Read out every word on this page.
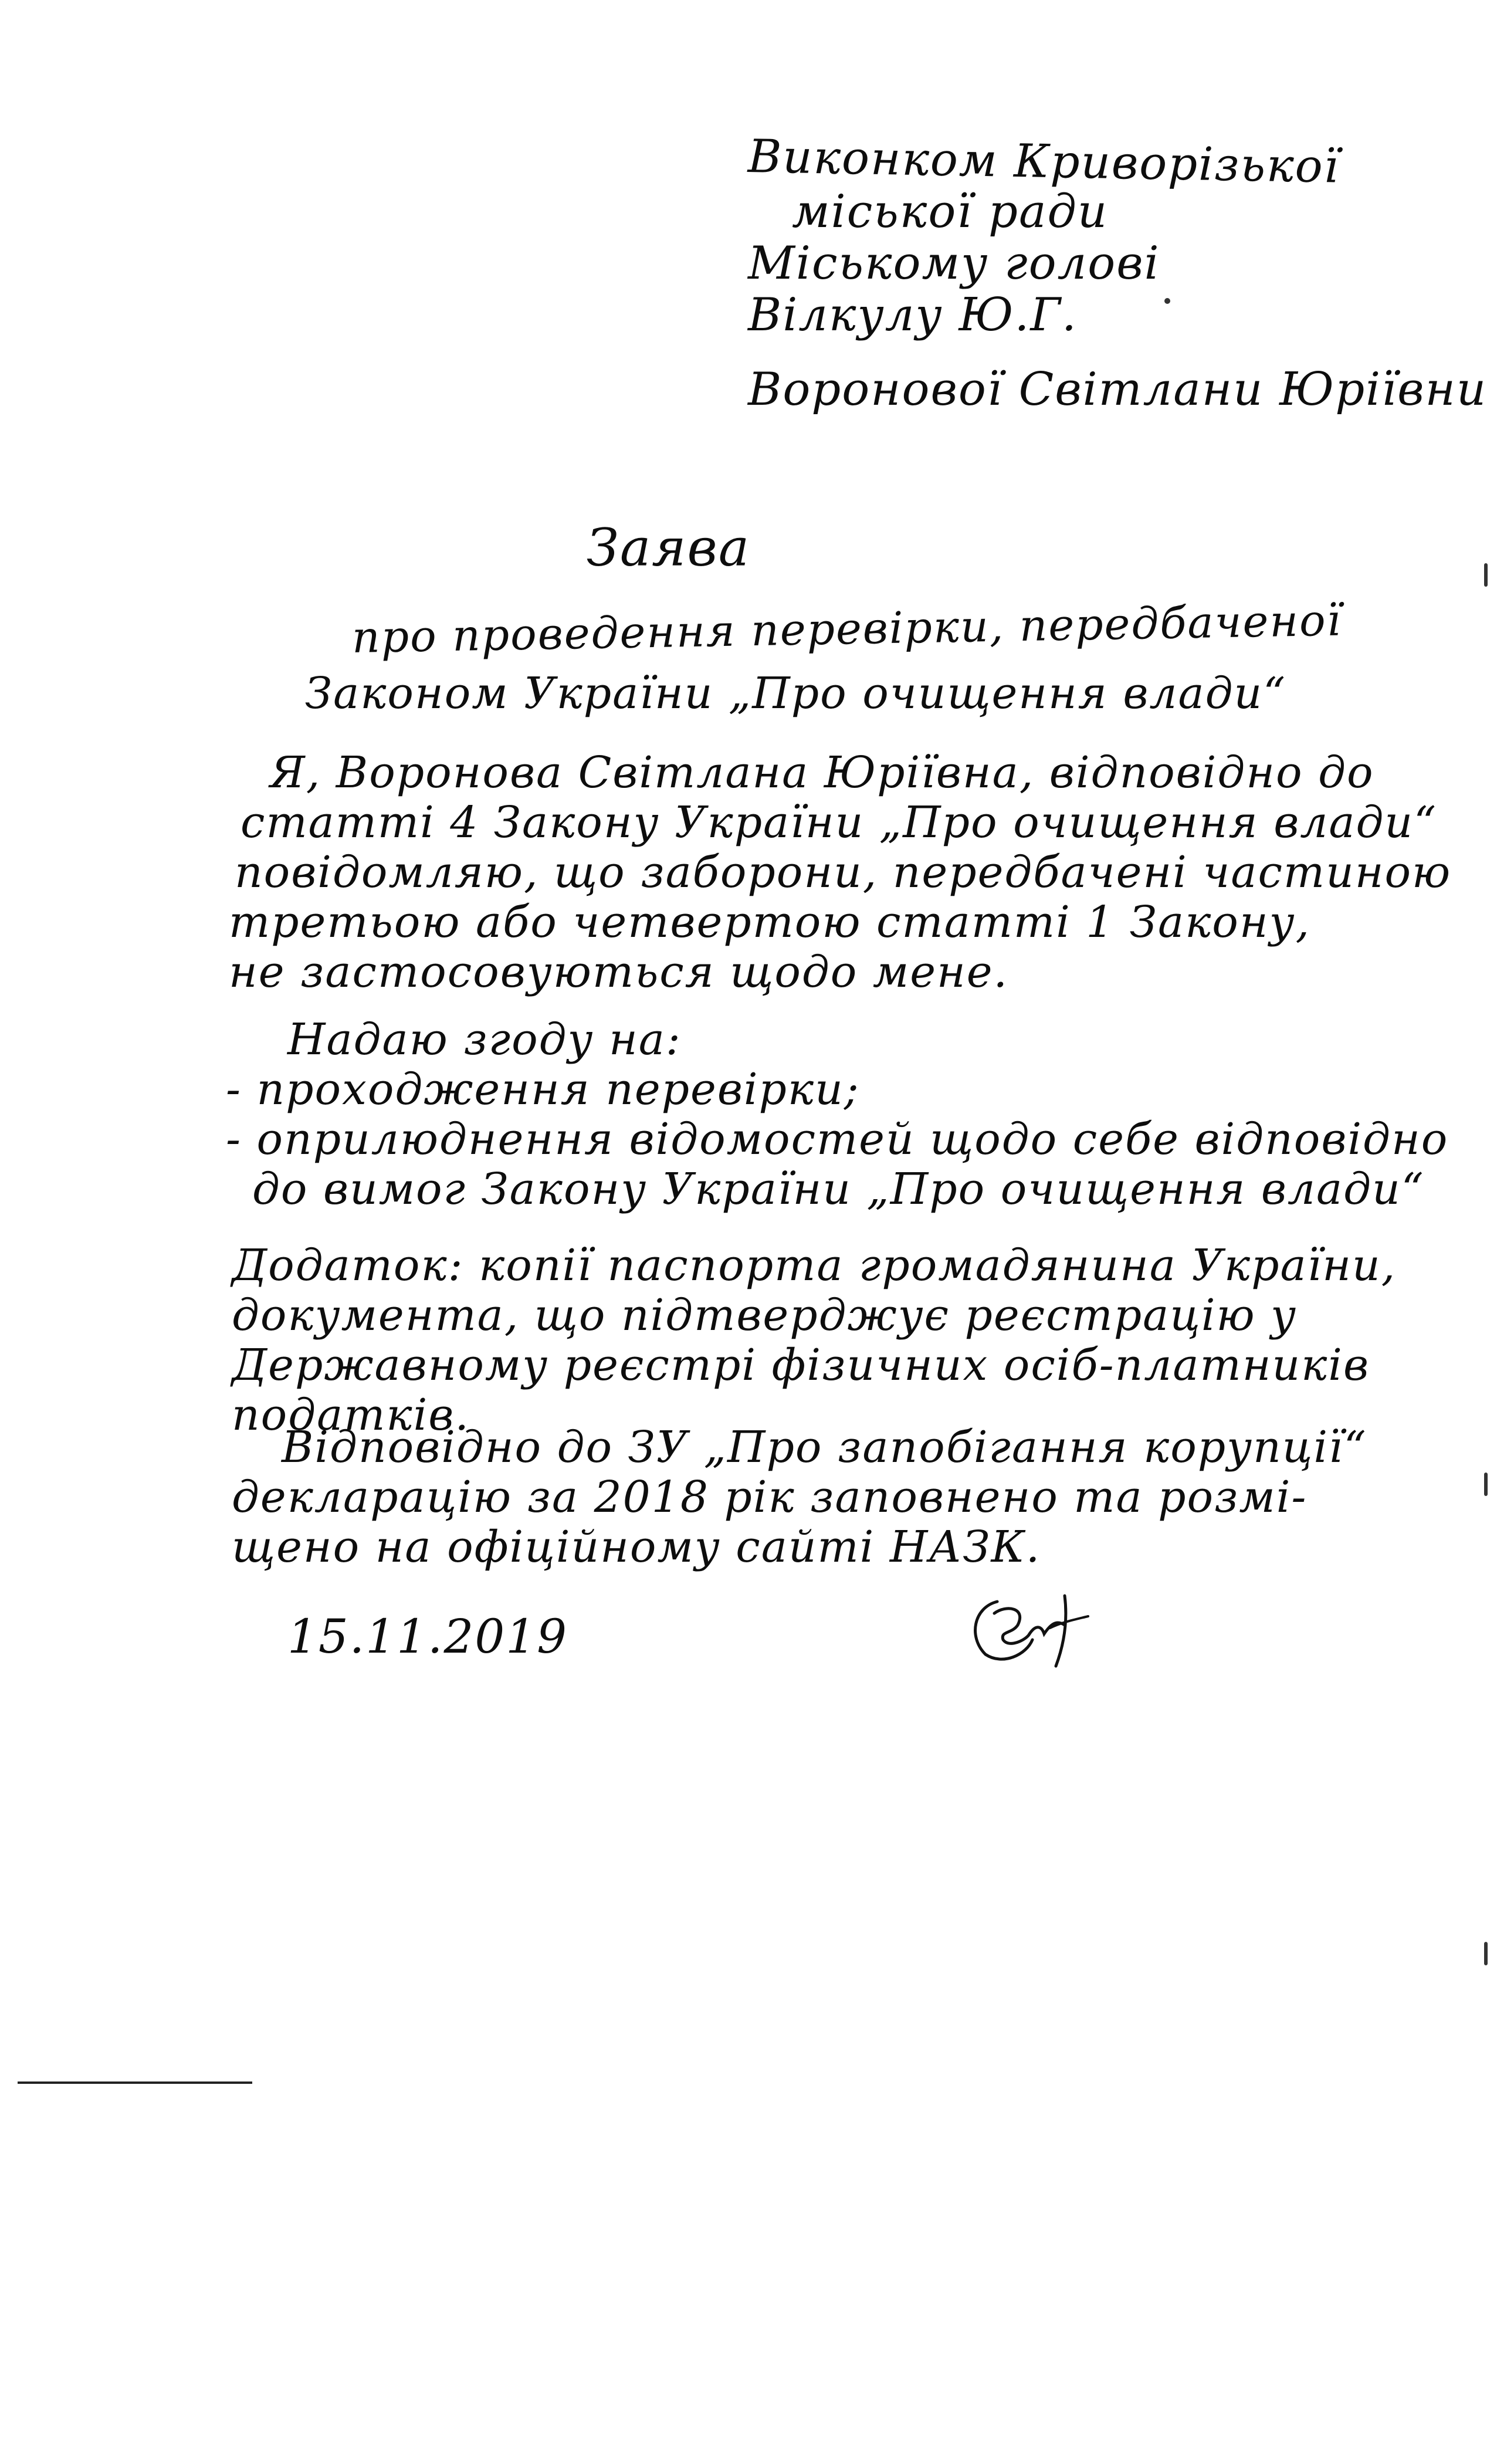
Виконком Криворізької

міської ради

Міському голові

Вілкулу Ю.Г.

Воронової Світлани Юріївни

Заява

про проведення перевірки, передбаченої

Законом України „Про очищення влади“

Я, Воронова Світлана Юріївна, відповідно до

статті 4 Закону України „Про очищення влади“

повідомляю, що заборони, передбачені частиною

третьою або четвертою статті 1 Закону,

не застосовуються щодо мене.

Надаю згоду на:

- проходження перевірки;

- оприлюднення відомостей щодо себе відповідно

до вимог Закону України „Про очищення влади“

Додаток: копії паспорта громадянина України,

документа, що підтверджує реєстрацію у

Державному реєстрі фізичних осіб-платників

податків.

Відповідно до ЗУ „Про запобігання корупції“

декларацію за 2018 рік заповнено та розмі-

щено на офіційному сайті НАЗК.

15.11.2019
